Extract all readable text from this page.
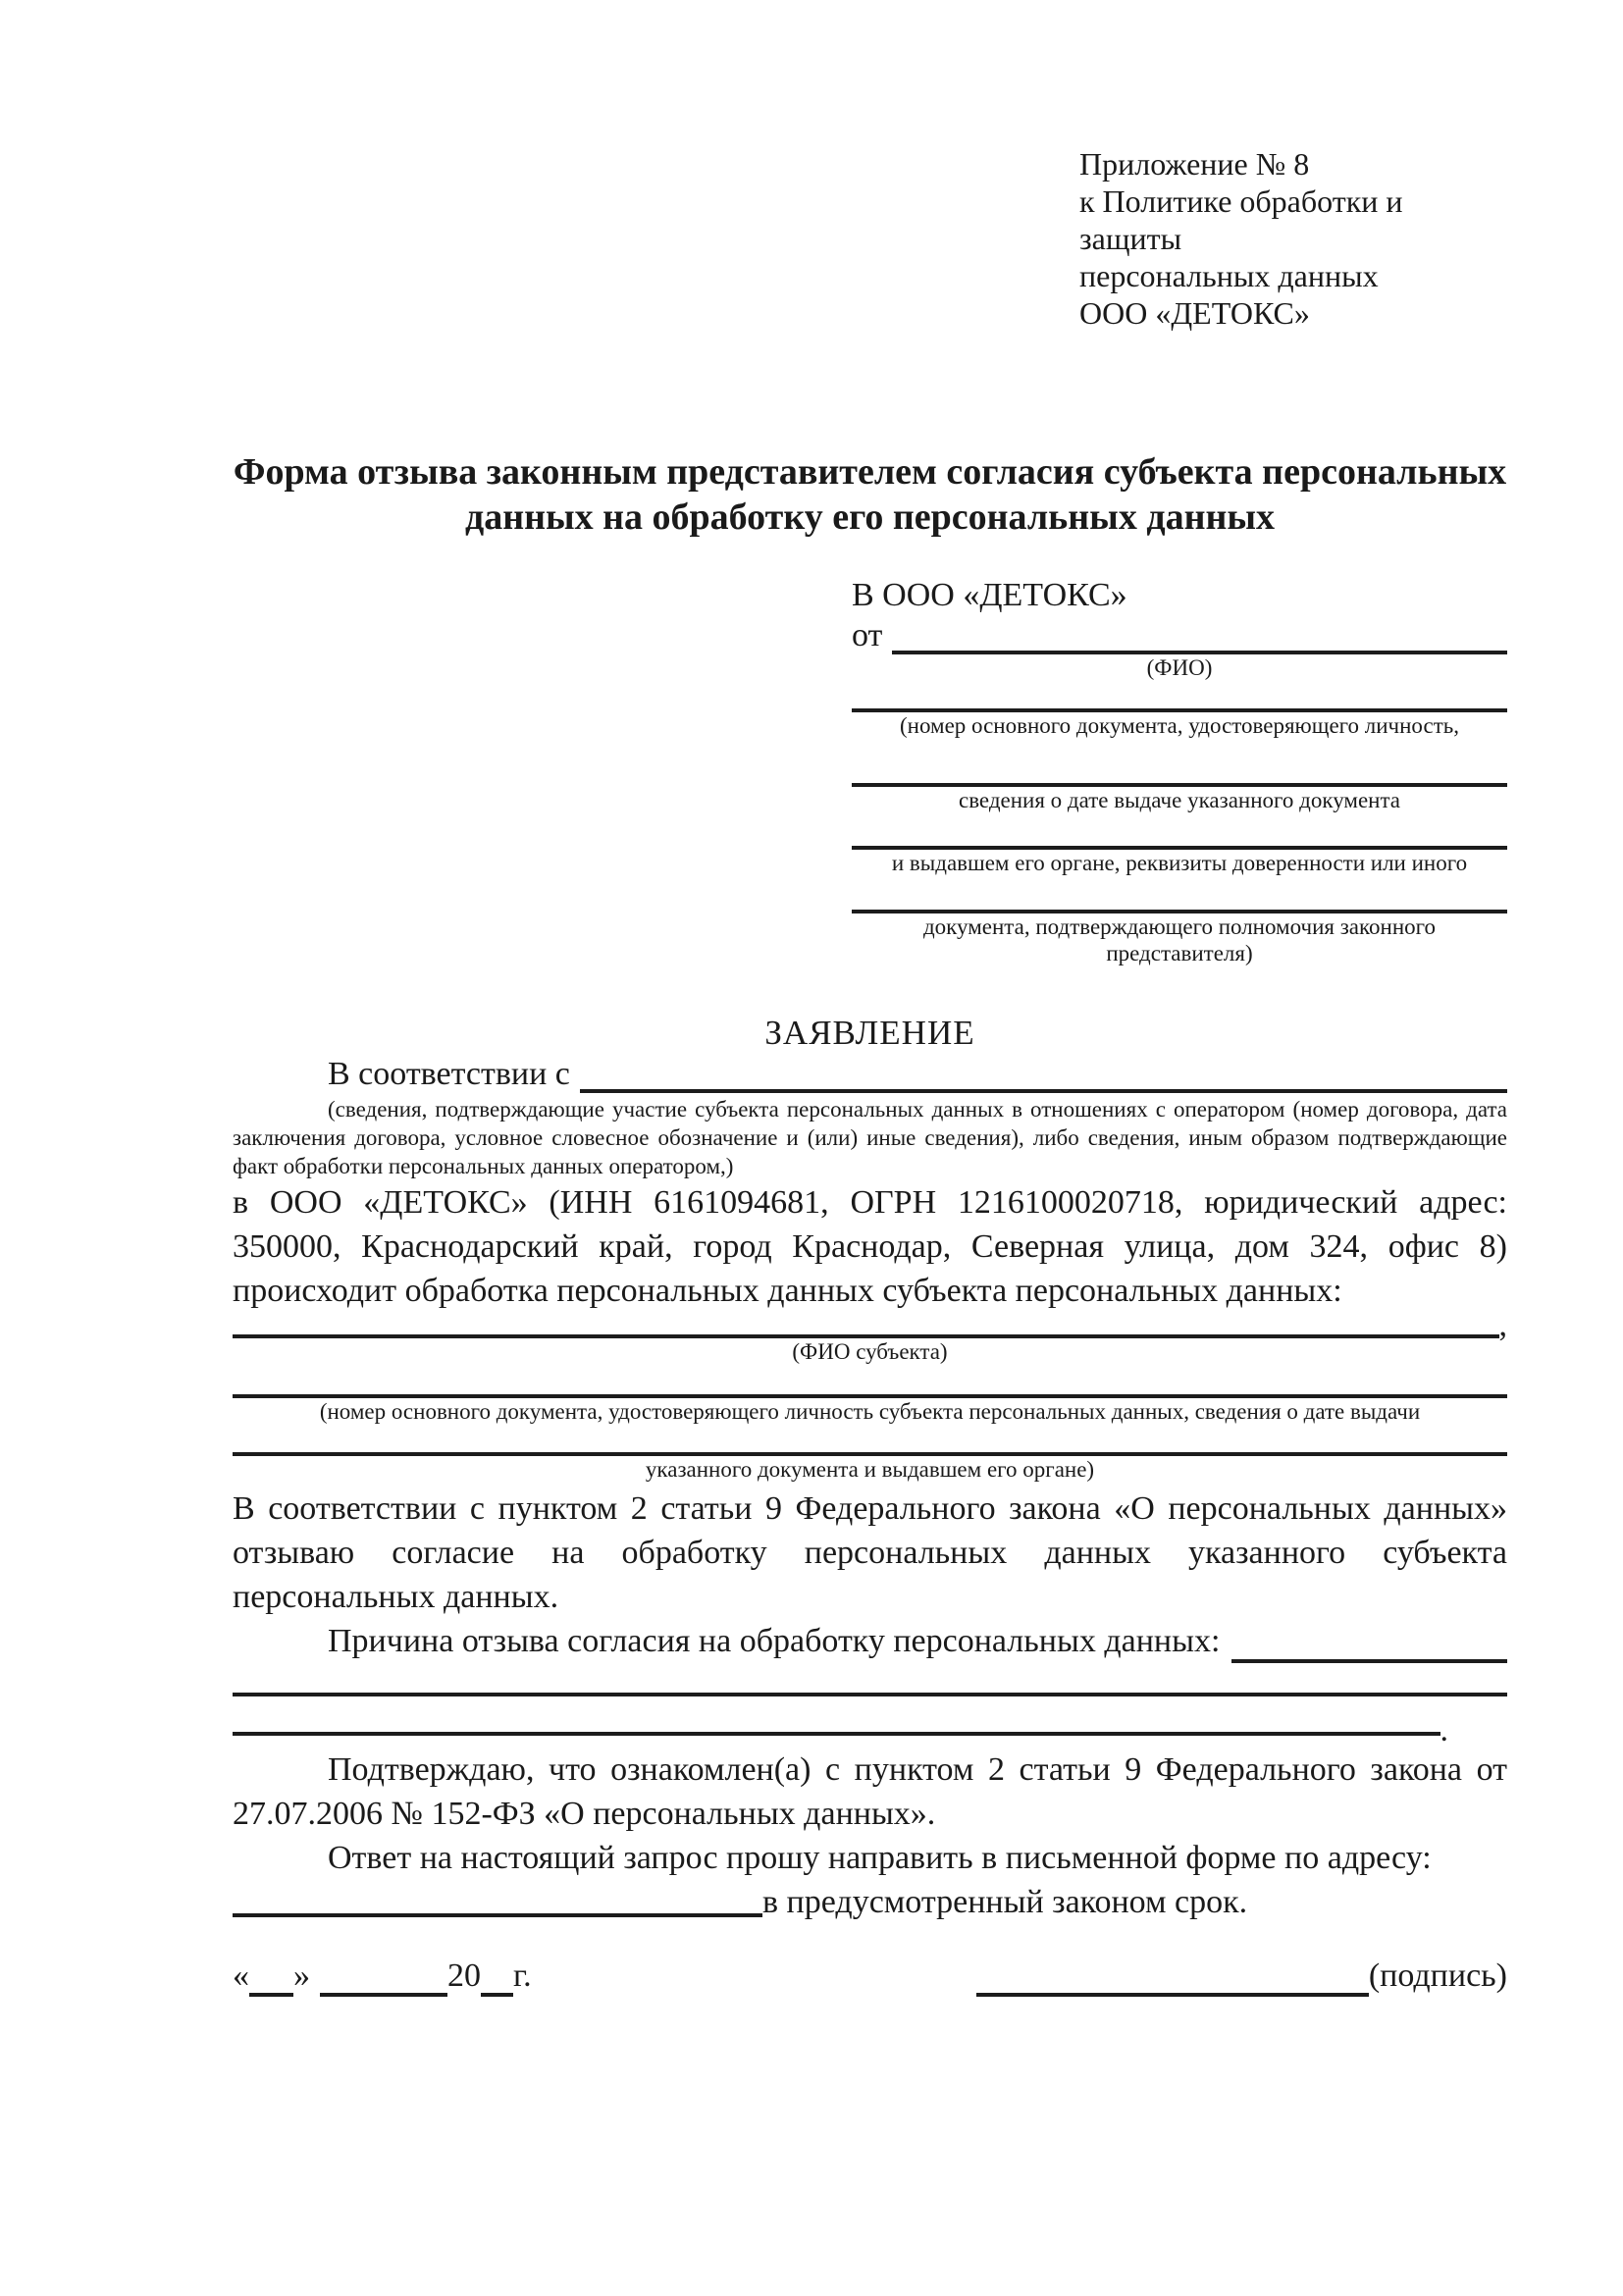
Приложение № 8
к Политике обработки и защиты
персональных данных
ООО «ДЕТОКС»
Форма отзыва законным представителем согласия субъекта персональных данных на обработку его персональных данных
В ООО «ДЕТОКС»
от
(ФИО)
(номер основного документа, удостоверяющего личность,
сведения о дате выдаче указанного документа
и выдавшем его органе, реквизиты доверенности или иного
документа, подтверждающего полномочия законного представителя)
ЗАЯВЛЕНИЕ
В соответствии с
(сведения, подтверждающие участие субъекта персональных данных в отношениях с оператором (номер договора, дата заключения договора, условное словесное обозначение и (или) иные сведения), либо сведения, иным образом подтверждающие факт обработки персональных данных оператором,)
в ООО «ДЕТОКС» (ИНН 6161094681, ОГРН 1216100020718, юридический адрес: 350000, Краснодарский край, город Краснодар, Северная улица, дом 324, офис 8) происходит обработка персональных данных субъекта персональных данных:
,
(ФИО субъекта)
(номер основного документа, удостоверяющего личность субъекта персональных данных, сведения о дате выдачи
указанного документа и выдавшем его органе)
В соответствии с пунктом 2 статьи 9 Федерального закона «О персональных данных» отзываю согласие на обработку персональных данных указанного субъекта персональных данных.
Причина отзыва согласия на обработку персональных данных:
.
Подтверждаю, что ознакомлен(а) с пунктом 2 статьи 9 Федерального закона от 27.07.2006 № 152-ФЗ «О персональных данных».
Ответ на настоящий запрос прошу направить в письменной форме по адресу:
в предусмотренный законом срок.
« »	20 г.	(подпись)
